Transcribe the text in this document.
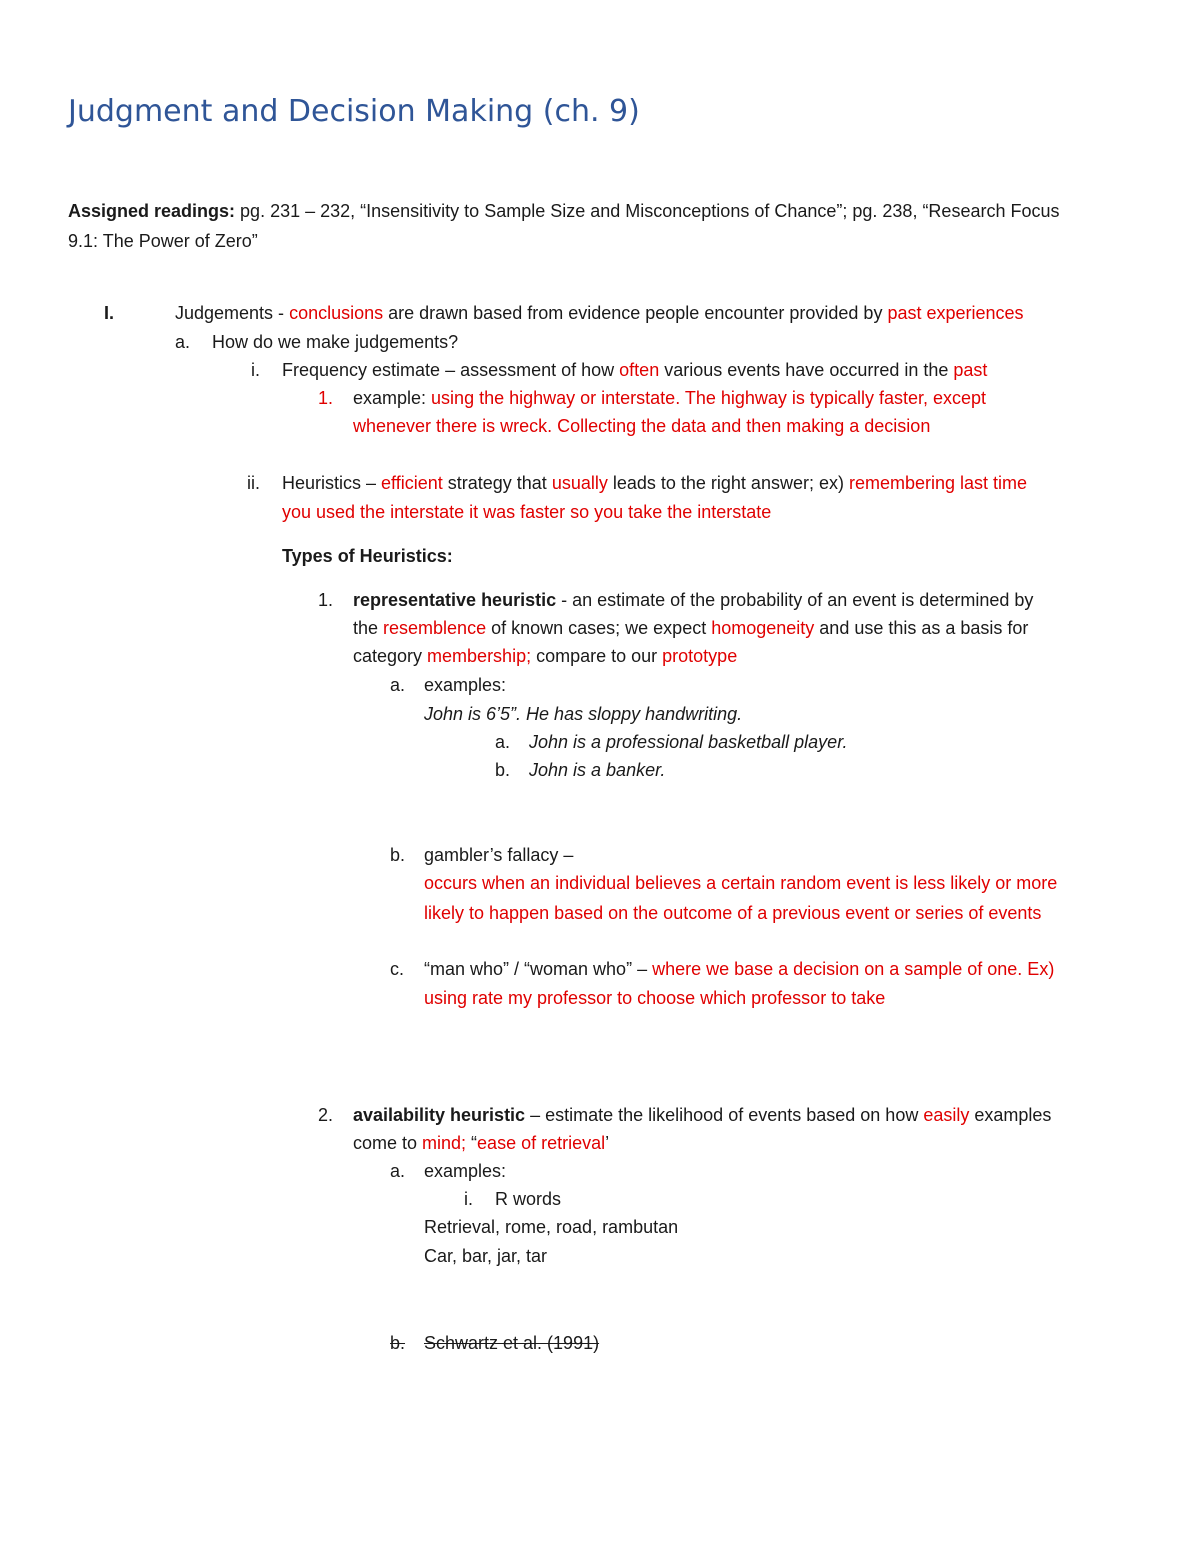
Judgment and Decision Making (ch. 9)
Assigned readings: pg. 231 – 232, “Insensitivity to Sample Size and Misconceptions of Chance”; pg. 238, “Research Focus
9.1: The Power of Zero”
I.	Judgements - conclusions are drawn based from evidence people encounter provided by past experiences
a. How do we make judgements?
i. Frequency estimate – assessment of how often various events have occurred in the past
1. example: using the highway or interstate. The highway is typically faster, except
whenever there is wreck. Collecting the data and then making a decision
ii. Heuristics – efficient strategy that usually leads to the right answer; ex) remembering last time
you used the interstate it was faster so you take the interstate
Types of Heuristics:
1. representative heuristic - an estimate of the probability of an event is determined by
the resemblence of known cases; we expect homogeneity and use this as a basis for
category membership; compare to our prototype
a. examples:
John is 6’5”. He has sloppy handwriting.
a. John is a professional basketball player.
b. John is a banker.
b. gambler’s fallacy –
occurs when an individual believes a certain random event is less likely or more
likely to happen based on the outcome of a previous event or series of events
c. “man who” / “woman who” – where we base a decision on a sample of one. Ex)
using rate my professor to choose which professor to take
2. availability heuristic – estimate the likelihood of events based on how easily examples
come to mind; “ease of retrieval’
a. examples:
i. R words
Retrieval, rome, road, rambutan
Car, bar, jar, tar
b.	Schwartz et al. (1991)
